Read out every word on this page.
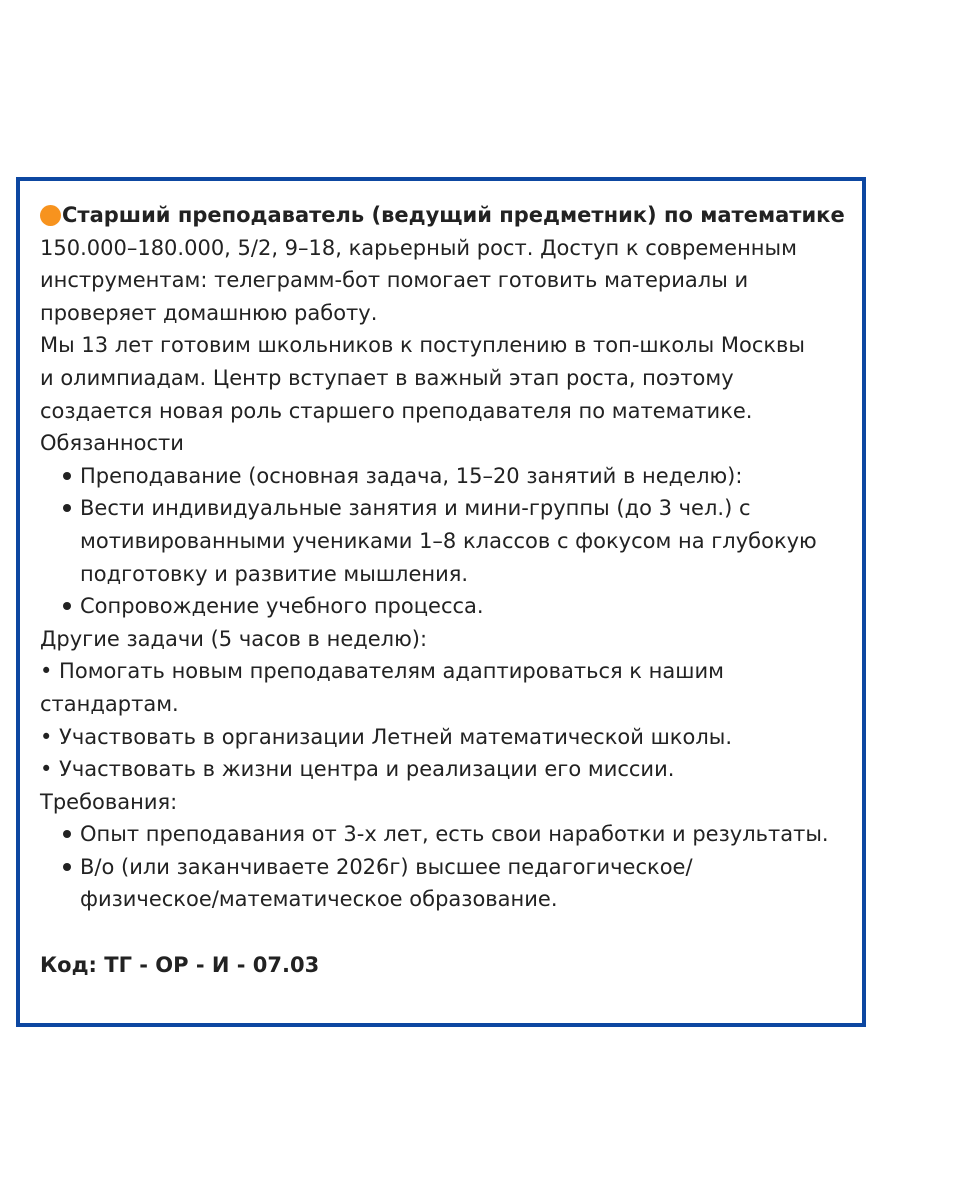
Старший преподаватель (ведущий предметник) по математике

150.000–180.000, 5/2, 9–18, карьерный рост. Доступ к современным

инструментам: телеграмм-бот помогает готовить материалы и

проверяет домашнюю работу.

Мы 13 лет готовим школьников к поступлению в топ-школы Москвы

и олимпиадам. Центр вступает в важный этап роста, поэтому

создается новая роль старшего преподавателя по математике.

Обязанности

Преподавание (основная задача, 15–20 занятий в неделю):

Вести индивидуальные занятия и мини-группы (до 3 чел.) с

мотивированными учениками 1–8 классов с фокусом на глубокую

подготовку и развитие мышления.

Сопровождение учебного процесса.

Другие задачи (5 часов в неделю):

• Помогать новым преподавателям адаптироваться к нашим

стандартам.

• Участвовать в организации Летней математической школы.

• Участвовать в жизни центра и реализации его миссии.

Требования:

Опыт преподавания от 3-х лет, есть свои наработки и результаты.

В/о (или заканчиваете 2026г) высшее педагогическое/

физическое/математическое образование.

Код: ТГ - ОР - И - 07.03
